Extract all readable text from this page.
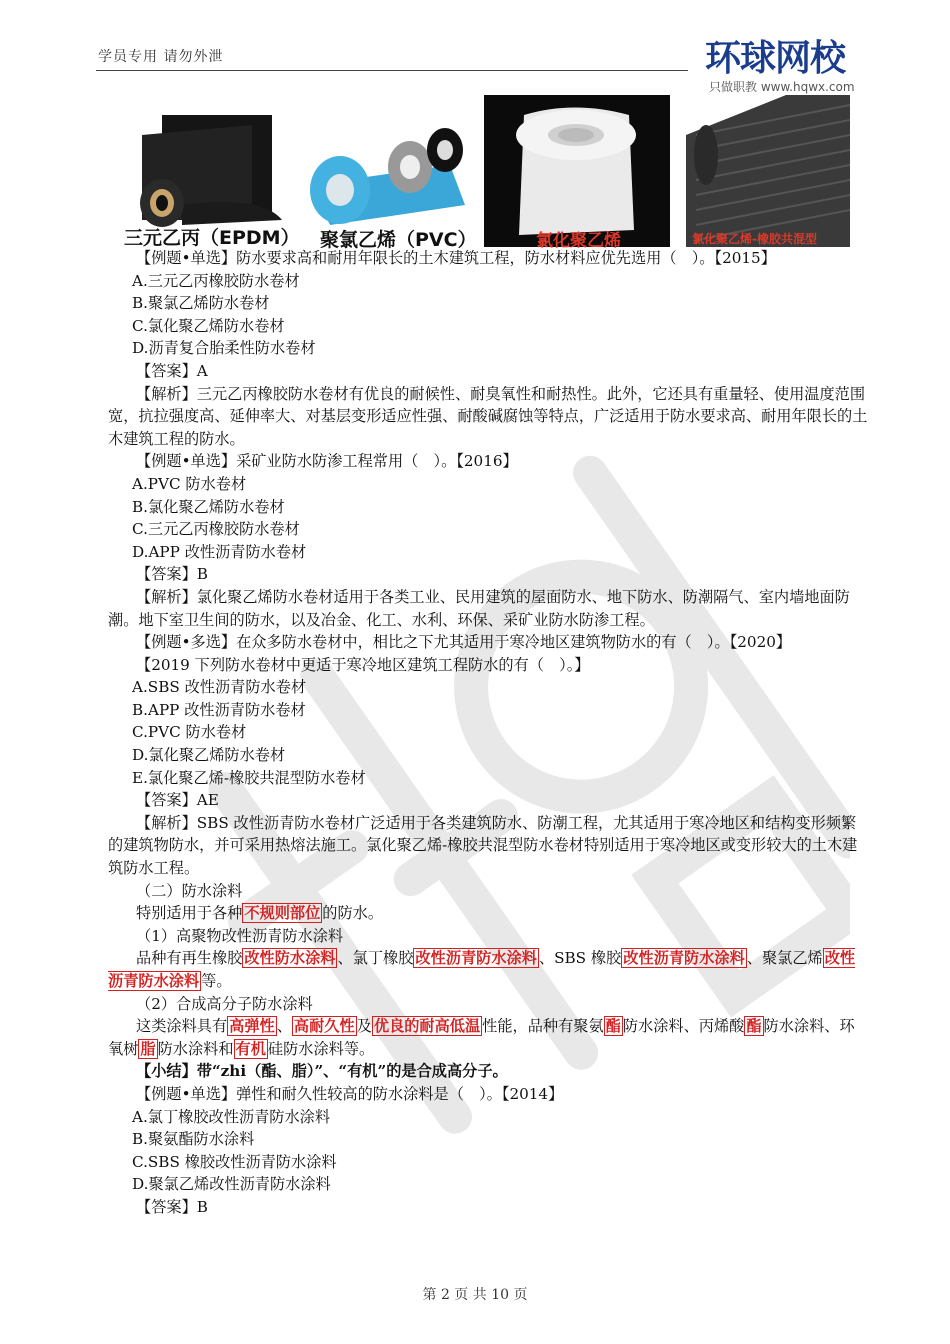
学员专用 请勿外泄	环球网校
只做职教 www.hqwx.com
三元乙丙（EPDM） 聚氯乙烯（PVC）	氯化聚乙烯	氯化聚乙烯-橡胶共混型

【例题•单选】防水要求高和耐用年限长的土木建筑工程，防水材料应优先选用（　）。【2015】

A.三元乙丙橡胶防水卷材

B.聚氯乙烯防水卷材

C.氯化聚乙烯防水卷材

D.沥青复合胎柔性防水卷材

【答案】A

【解析】三元乙丙橡胶防水卷材有优良的耐候性、耐臭氧性和耐热性。此外，它还具有重量轻、使用温度范围宽，抗拉强度高、延伸率大、对基层变形适应性强、耐酸碱腐蚀等特点，广泛适用于防水要求高、耐用年限长的土木建筑工程的防水。

【例题•单选】采矿业防水防渗工程常用（　）。【2016】

A.PVC 防水卷材

B.氯化聚乙烯防水卷材

C.三元乙丙橡胶防水卷材

D.APP 改性沥青防水卷材

【答案】B

【解析】氯化聚乙烯防水卷材适用于各类工业、民用建筑的屋面防水、地下防水、防潮隔气、室内墙地面防潮。地下室卫生间的防水，以及冶金、化工、水利、环保、采矿业防水防渗工程。

【例题•多选】在众多防水卷材中，相比之下尤其适用于寒冷地区建筑物防水的有（　）。【2020】

【2019 下列防水卷材中更适于寒冷地区建筑工程防水的有（　）。】

A.SBS 改性沥青防水卷材

B.APP 改性沥青防水卷材

C.PVC 防水卷材

D.氯化聚乙烯防水卷材

E.氯化聚乙烯-橡胶共混型防水卷材

【答案】AE

【解析】SBS 改性沥青防水卷材广泛适用于各类建筑防水、防潮工程，尤其适用于寒冷地区和结构变形频繁的建筑物防水，并可采用热熔法施工。氯化聚乙烯-橡胶共混型防水卷材特别适用于寒冷地区或变形较大的土木建筑防水工程。

（二）防水涂料

特别适用于各种 不规则部位 的防水。

（1）高聚物改性沥青防水涂料

品种有再生橡胶 改性防水涂料 、氯丁橡胶 改性沥青防水涂料 、SBS 橡胶 改性沥青防水涂料 、聚氯乙烯 改性沥青防水涂料 等。

（2）合成高分子防水涂料

这类涂料具有 高弹性 、 高耐久性 及 优良的耐高低温 性能，品种有聚氨 酯 防水涂料、丙烯酸 酯 防水涂料、环氧树 脂 防水涂料和 有机 硅防水涂料等。

【小结】带“zhi（酯、脂）”、“有机”的是合成高分子。

【例题•单选】弹性和耐久性较高的防水涂料是（　）。【2014】

A.氯丁橡胶改性沥青防水涂料

B.聚氨酯防水涂料

C.SBS 橡胶改性沥青防水涂料

D.聚氯乙烯改性沥青防水涂料

【答案】B

第 2 页 共 10 页
